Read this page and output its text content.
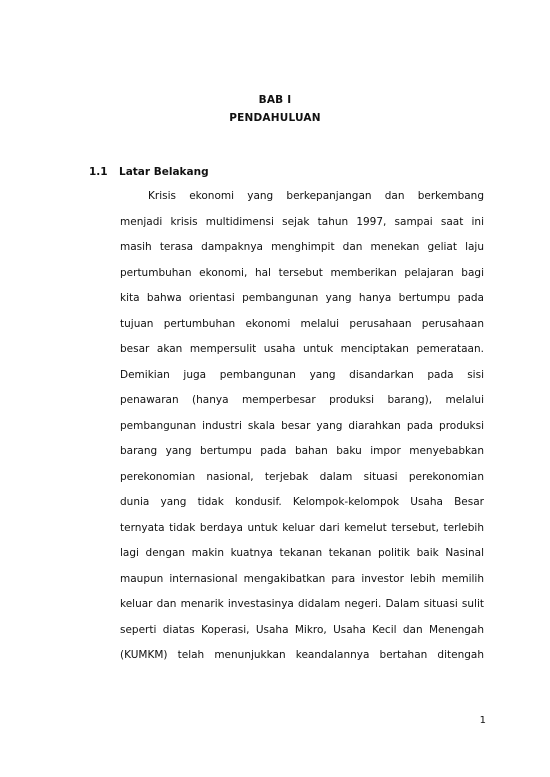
BAB I
PENDAHULUAN
1.1 Latar Belakang
Krisis ekonomi yang berkepanjangan dan berkembang
menjadi krisis multidimensi sejak tahun 1997, sampai saat ini
masih terasa dampaknya menghimpit dan menekan geliat laju
pertumbuhan ekonomi, hal tersebut memberikan pelajaran bagi
kita bahwa orientasi pembangunan yang hanya bertumpu pada
tujuan pertumbuhan ekonomi melalui perusahaan perusahaan
besar akan mempersulit usaha untuk menciptakan pemerataan.
Demikian juga pembangunan yang disandarkan pada sisi
penawaran (hanya memperbesar produksi barang), melalui
pembangunan industri skala besar yang diarahkan pada produksi
barang yang bertumpu pada bahan baku impor menyebabkan
perekonomian nasional, terjebak dalam situasi perekonomian
dunia yang tidak kondusif. Kelompok-kelompok Usaha Besar
ternyata tidak berdaya untuk keluar dari kemelut tersebut, terlebih
lagi dengan makin kuatnya tekanan tekanan politik baik Nasinal
maupun internasional mengakibatkan para investor lebih memilih
keluar dan menarik investasinya didalam negeri. Dalam situasi sulit
seperti diatas Koperasi, Usaha Mikro, Usaha Kecil dan Menengah
(KUMKM) telah menunjukkan keandalannya bertahan ditengah
1
